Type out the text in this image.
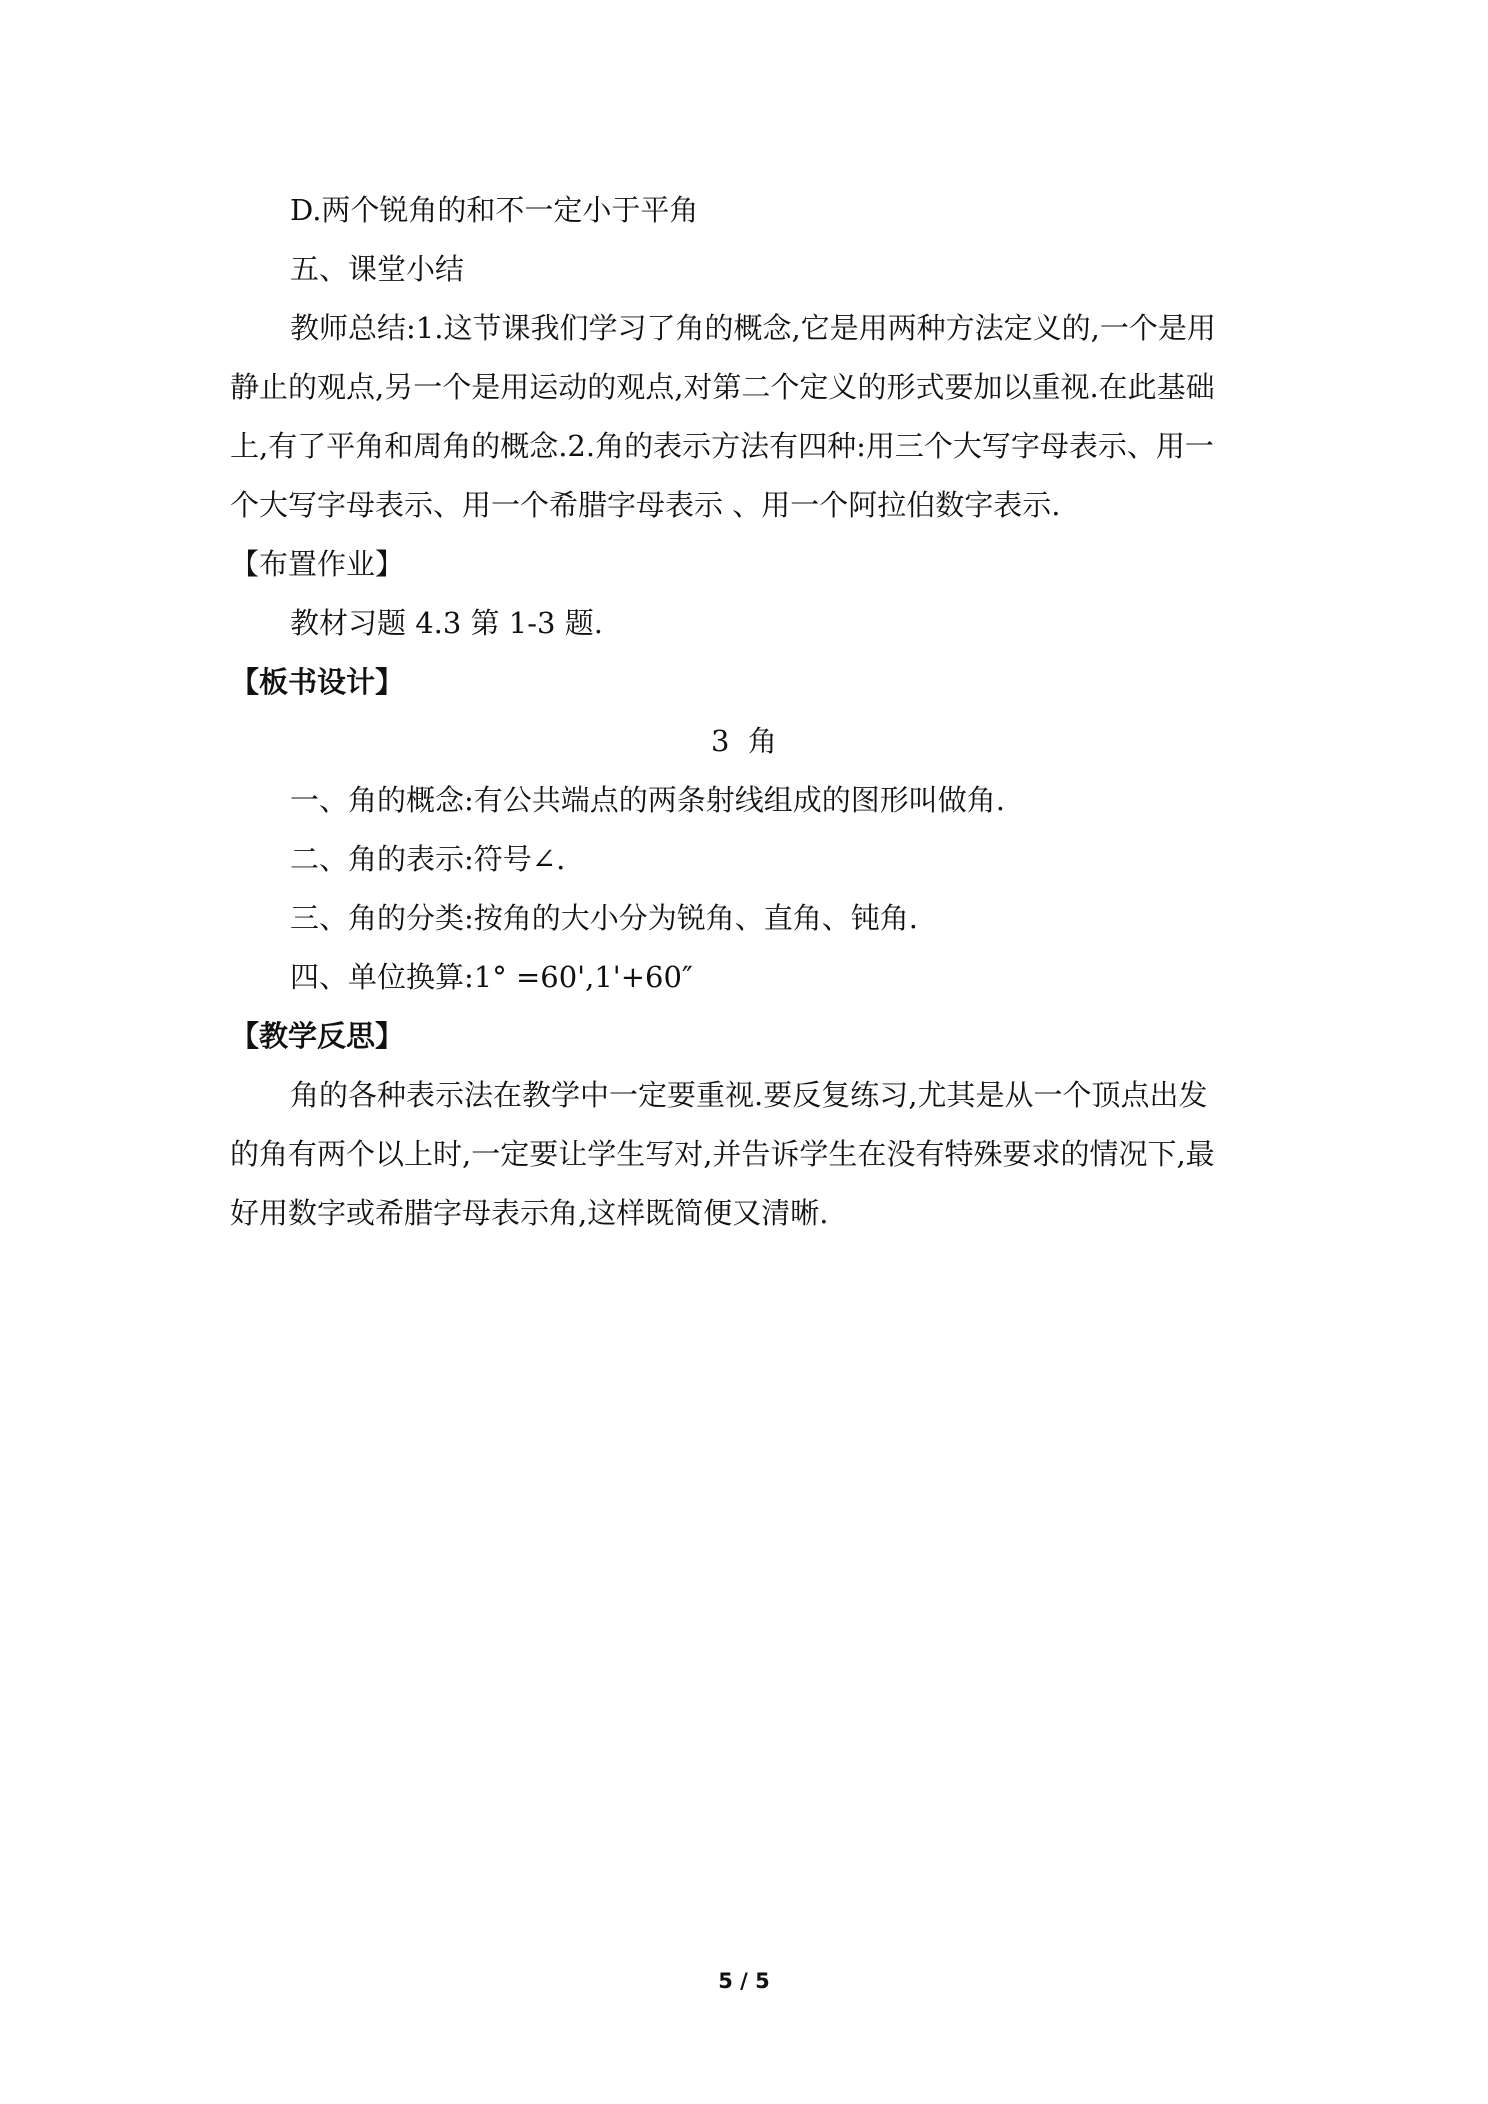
D.两个锐角的和不一定小于平角
五、课堂小结
教师总结:1.这节课我们学习了角的概念,它是用两种方法定义的,一个是用
静止的观点,另一个是用运动的观点,对第二个定义的形式要加以重视.在此基础
上,有了平角和周角的概念.2.角的表示方法有四种:用三个大写字母表示、用一
个大写字母表示、用一个希腊字母表示 、用一个阿拉伯数字表示.
【布置作业】
教材习题 4.3 第 1-3 题.
【板书设计】
3  角
一、角的概念:有公共端点的两条射线组成的图形叫做角.
二、角的表示:符号∠.
三、角的分类:按角的大小分为锐角、直角、钝角.
四、单位换算:1° =60',1'+60″
【教学反思】
角的各种表示法在教学中一定要重视.要反复练习,尤其是从一个顶点出发
的角有两个以上时,一定要让学生写对,并告诉学生在没有特殊要求的情况下,最
好用数字或希腊字母表示角,这样既简便又清晰.
5 / 5
